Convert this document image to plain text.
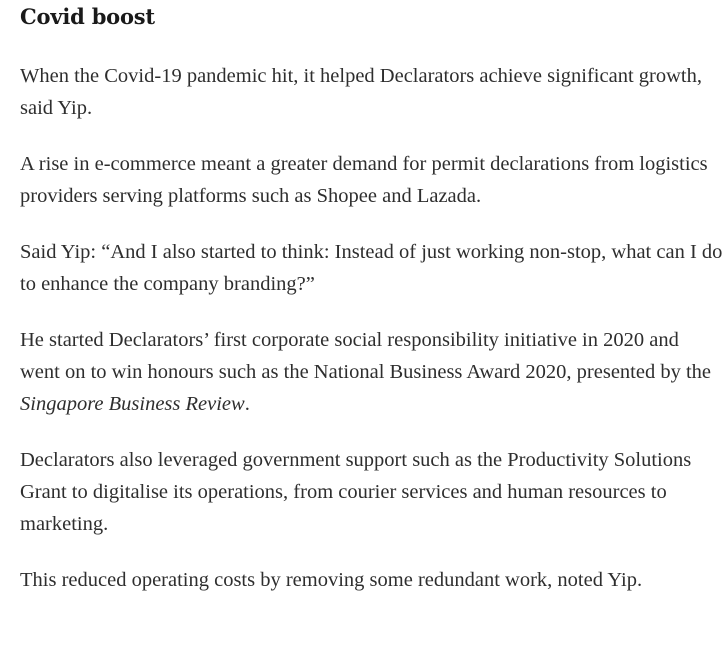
Covid boost

When the Covid-19 pandemic hit, it helped Declarators achieve significant growth, said Yip.

A rise in e-commerce meant a greater demand for permit declarations from logistics providers serving platforms such as Shopee and Lazada.

Said Yip: “And I also started to think: Instead of just working non-stop, what can I do to enhance the company branding?”

He started Declarators’ first corporate social responsibility initiative in 2020 and went on to win honours such as the National Business Award 2020, presented by the Singapore Business Review.

Declarators also leveraged government support such as the Productivity Solutions Grant to digitalise its operations, from courier services and human resources to marketing.

This reduced operating costs by removing some redundant work, noted Yip.
